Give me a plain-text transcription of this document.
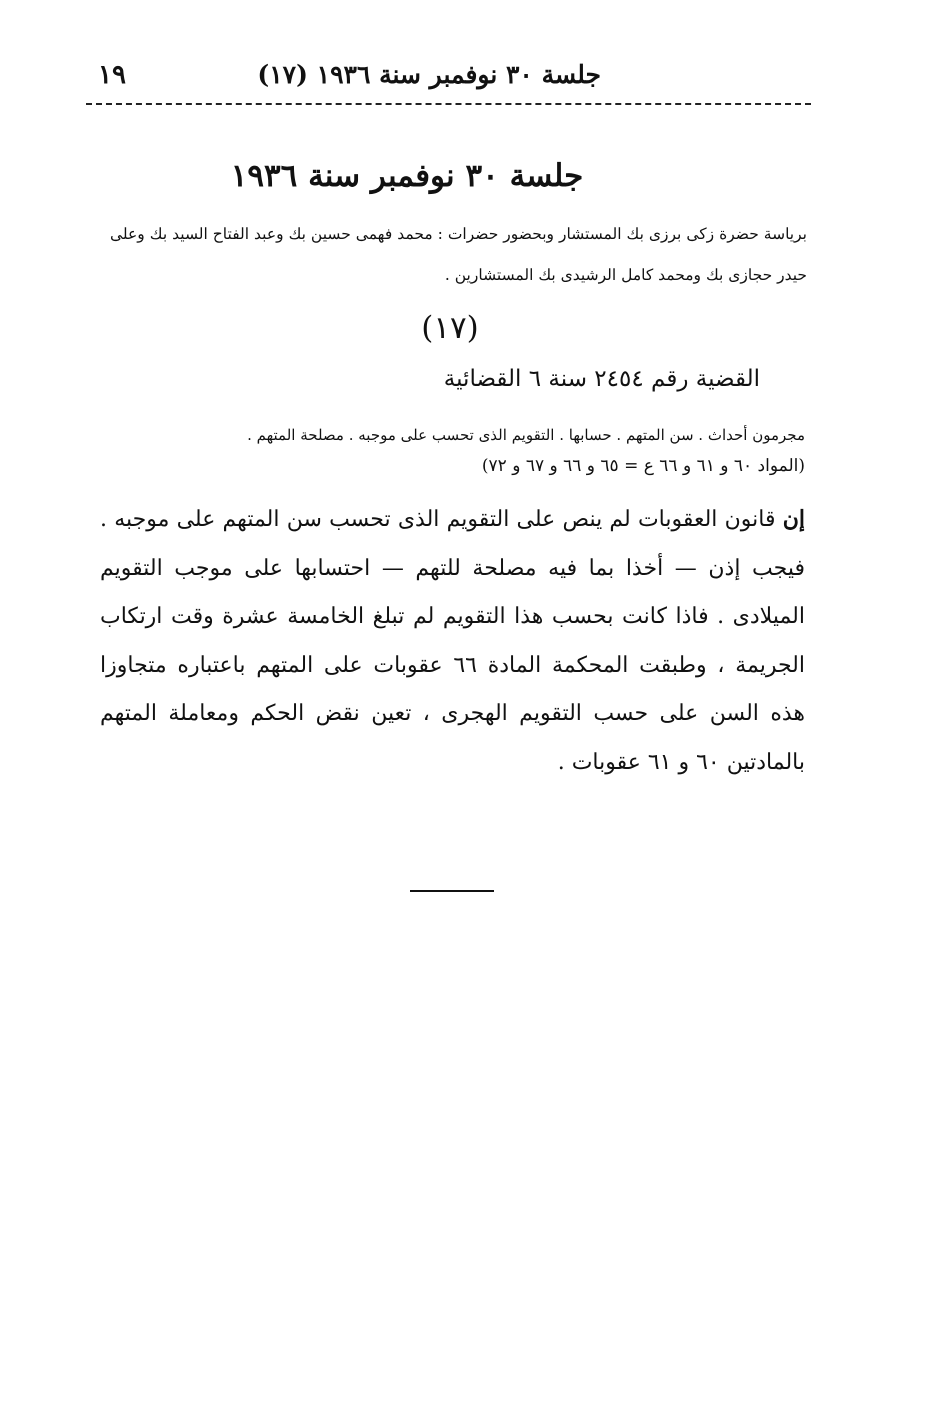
١٩	جلسة ٣٠ نوفمبر سنة ١٩٣٦ (١٧)
جلسة ٣٠ نوفمبر سنة ١٩٣٦
برياسة حضرة زكى برزى بك المستشار وبحضور حضرات : محمد فهمى حسين بك وعبد الفتاح السيد بك وعلى حيدر حجازى بك ومحمد كامل الرشيدى بك المستشارين .
(١٧)
القضية رقم ٢٤٥٤ سنة ٦ القضائية
مجرمون أحداث . سن المتهم . حسابها . التقويم الذى تحسب على موجبه . مصلحة المتهم .
(المواد ٦٠ و ٦١ و ٦٦ ع = ٦٥ و ٦٦ و ٦٧ و ٧٢)
إن قانون العقوبات لم ينص على التقويم الذى تحسب سن المتهم على موجبه . فيجب إذن — أخذا بما فيه مصلحة للتهم — احتسابها على موجب التقويم الميلادى . فاذا كانت بحسب هذا التقويم لم تبلغ الخامسة عشرة وقت ارتكاب الجريمة ، وطبقت المحكمة المادة ٦٦ عقوبات على المتهم باعتباره متجاوزا هذه السن على حسب التقويم الهجرى ، تعين نقض الحكم ومعاملة المتهم بالمادتين ٦٠ و ٦١ عقوبات .
